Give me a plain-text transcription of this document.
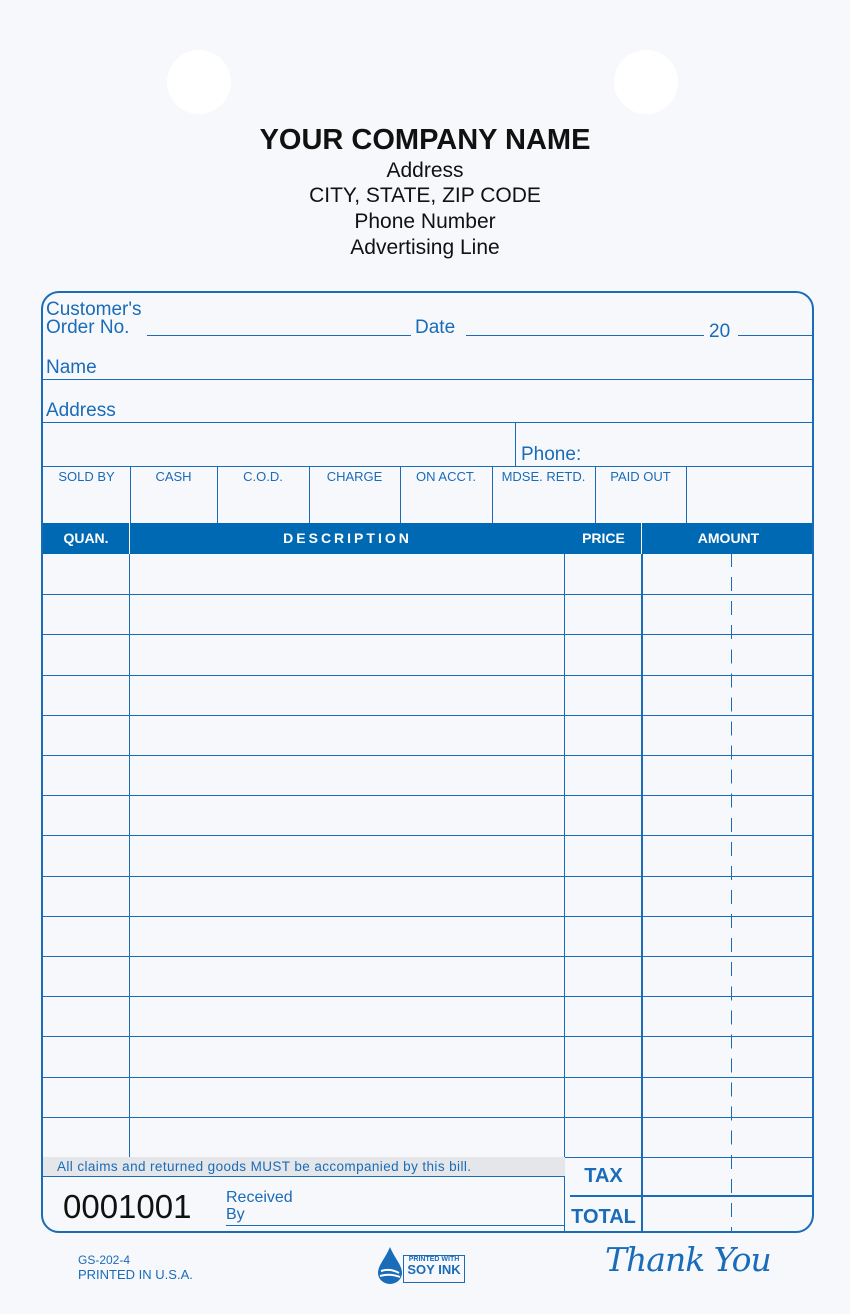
YOUR COMPANY NAME
Address
CITY, STATE, ZIP CODE
Phone Number
Advertising Line
Customer's
Order No.	Date	20
Name
Address
Phone:
SOLD BY	CASH	C.O.D.	CHARGE	ON ACCT.	MDSE. RETD.	PAID OUT
QUAN.	DESCRIPTION	PRICE	AMOUNT
All claims and returned goods MUST be accompanied by this bill.
0001001 Received
By
TAX
TOTAL
GS-202-4
PRINTED IN U.S.A.
PRINTED WITH
SOY INK	Thank You
